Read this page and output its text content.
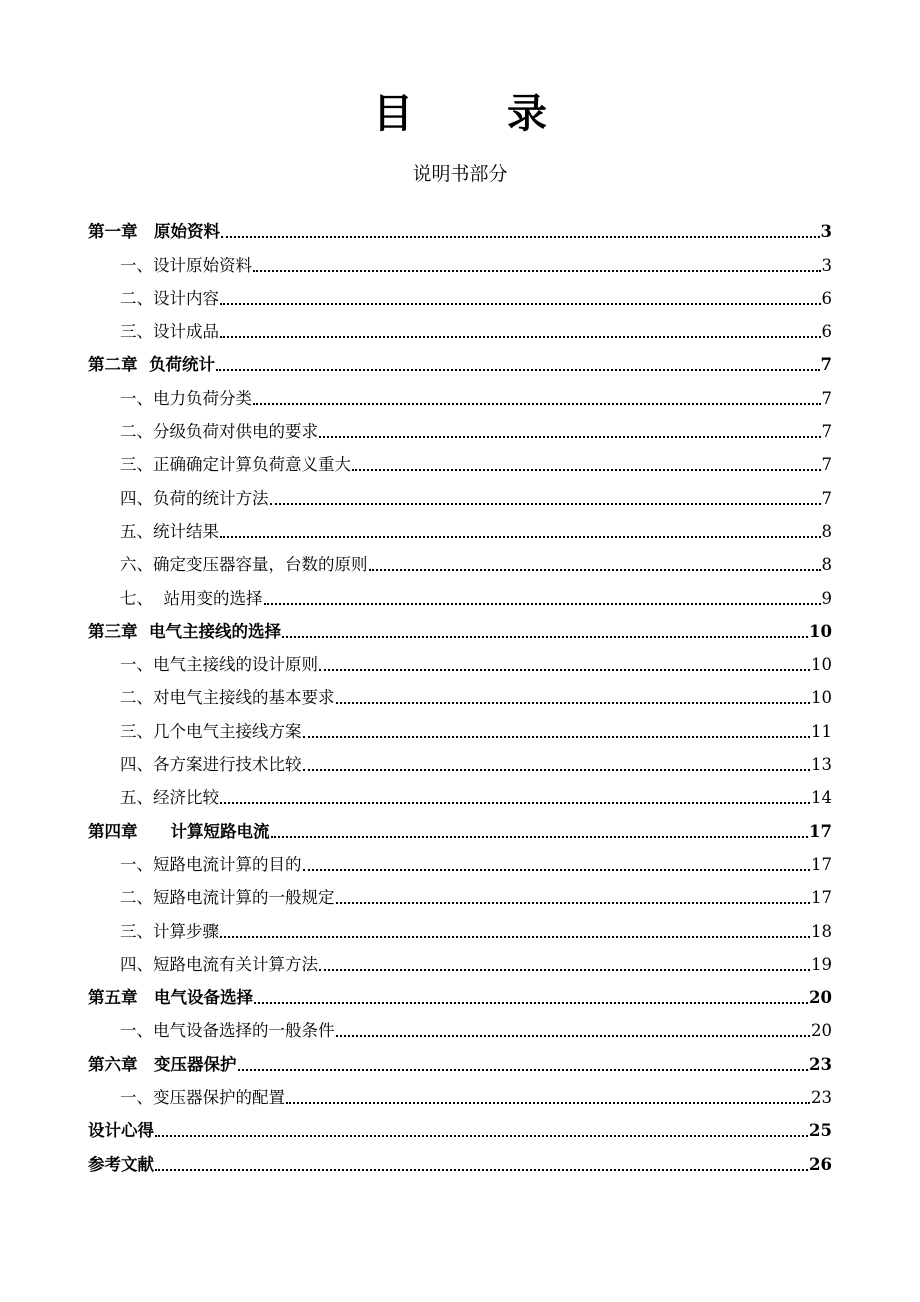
目 录
说明书部分
第一章　原始资料	3
一、设计原始资料	3
二、设计内容	6
三、设计成品	6
第二章  负荷统计	7
一、电力负荷分类	7
二、分级负荷对供电的要求	7
三、正确确定计算负荷意义重大	7
四、负荷的统计方法	7
五、统计结果	8
六、确定变压器容量，台数的原则	8
七、  站用变的选择	9
第三章  电气主接线的选择	10
一、电气主接线的设计原则	10
二、对电气主接线的基本要求	10
三、几个电气主接线方案	11
四、各方案进行技术比较	13
五、经济比较	14
第四章　　计算短路电流	17
一、短路电流计算的目的	17
二、短路电流计算的一般规定	17
三、计算步骤	18
四、短路电流有关计算方法	19
第五章　电气设备选择	20
一、电气设备选择的一般条件	20
第六章　变压器保护	23
一、变压器保护的配置	23
设计心得	25
参考文献	26
